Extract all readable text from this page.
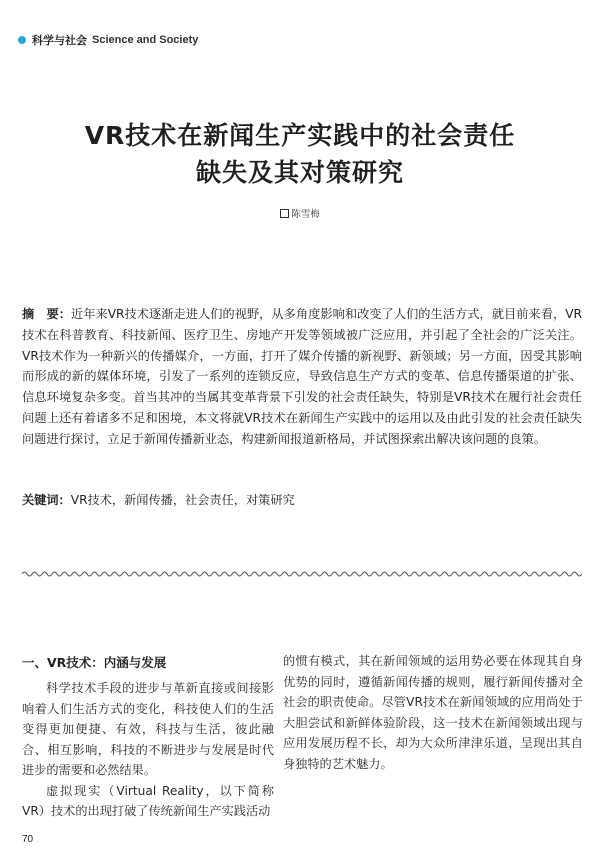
科学与社会 Science and Society
VR技术在新闻生产实践中的社会责任
缺失及其对策研究
陈雪梅
摘　要：近年来VR技术逐渐走进人们的视野，从多角度影响和改变了人们的生活方式，就目前来看，VR技术在科普教育、科技新闻、医疗卫生、房地产开发等领域被广泛应用，并引起了全社会的广泛关注。VR技术作为一种新兴的传播媒介，一方面，打开了媒介传播的新视野、新领域；另一方面，因受其影响而形成的新的媒体环境，引发了一系列的连锁反应，导致信息生产方式的变革、信息传播渠道的扩张、信息环境复杂多变。首当其冲的当属其变革背景下引发的社会责任缺失，特别是VR技术在履行社会责任问题上还有着诸多不足和困境，本文将就VR技术在新闻生产实践中的运用以及由此引发的社会责任缺失问题进行探讨，立足于新闻传播新业态，构建新闻报道新格局，并试图探索出解决该问题的良策。
关键词：VR技术，新闻传播，社会责任，对策研究
一、VR技术：内涵与发展

科学技术手段的进步与革新直接或间接影响着人们生活方式的变化，科技使人们的生活变得更加便捷、有效，科技与生活，彼此融合、相互影响，科技的不断进步与发展是时代进步的需要和必然结果。

虚拟现实（Virtual Reality，以下简称VR）技术的出现打破了传统新闻生产实践活动

的惯有模式，其在新闻领域的运用势必要在体现其自身优势的同时，遵循新闻传播的规则，履行新闻传播对全社会的职责使命。尽管VR技术在新闻领域的应用尚处于大胆尝试和新鲜体验阶段，这一技术在新闻领域出现与应用发展历程不长，却为大众所津津乐道，呈现出其自身独特的艺术魅力。

70
